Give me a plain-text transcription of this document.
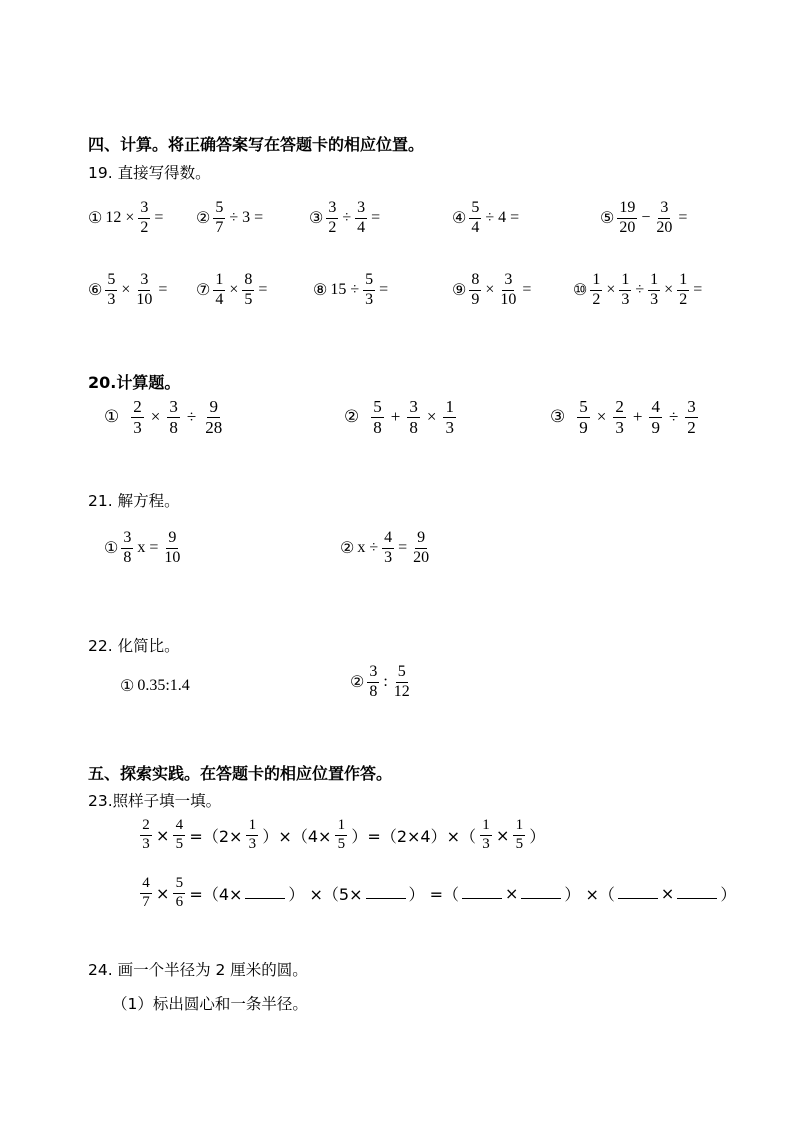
四、计算。将正确答案写在答题卡的相应位置。
19. 直接写得数。
① $12 \times \frac{3}{2}$ = ② $\frac{5}{7} \div 3$ =	③ $\frac{3}{2} \div \frac{3}{4}$ =	④ $\frac{5}{4} \div 4$ =	⑤ $\frac{19}{20} - \frac{3}{20}$ =
⑥ $\frac{5}{3} \times \frac{3}{10}$ = ⑦ $\frac{1}{4} \times \frac{8}{5}$ =	⑧ $15 \div \frac{5}{3}$ =	⑨ $\frac{8}{9} \times \frac{3}{10}$ =	⑩ $\frac{1}{2} \times \frac{1}{3} \div \frac{1}{3} \times \frac{1}{2}$ =
20.计算题。
① $\frac{2}{3} \times \frac{3}{8} \div \frac{9}{28}$	② $\frac{5}{8} + \frac{3}{8} \times \frac{1}{3}$	③ $\frac{5}{9} \times \frac{2}{3} + \frac{4}{9} \div \frac{3}{2}$
21. 解方程。
① $\frac{3}{8}$ $x = \frac{9}{10}$	② $x \div \frac{4}{3} = \frac{9}{20}$
22. 化简比。
① 0.35:1.4	② $\frac{3}{8}$ : $\frac{5}{12}$
五、探索实践。在答题卡的相应位置作答。
23.照样子填一填。
$\frac{2}{3} \times \frac{4}{5} =(2\times \frac{1}{3} )\times(4\times \frac{1}{5} )=(2\times 4)\times( \frac{1}{3} \times \frac{1}{5}$ ）
$\frac{4}{7} \times \frac{5}{6} =(4\times$	） ×（5×	） =（	×	） ×（	×	）
24. 画一个半径为 2 厘米的圆。
（1）标出圆心和一条半径。
